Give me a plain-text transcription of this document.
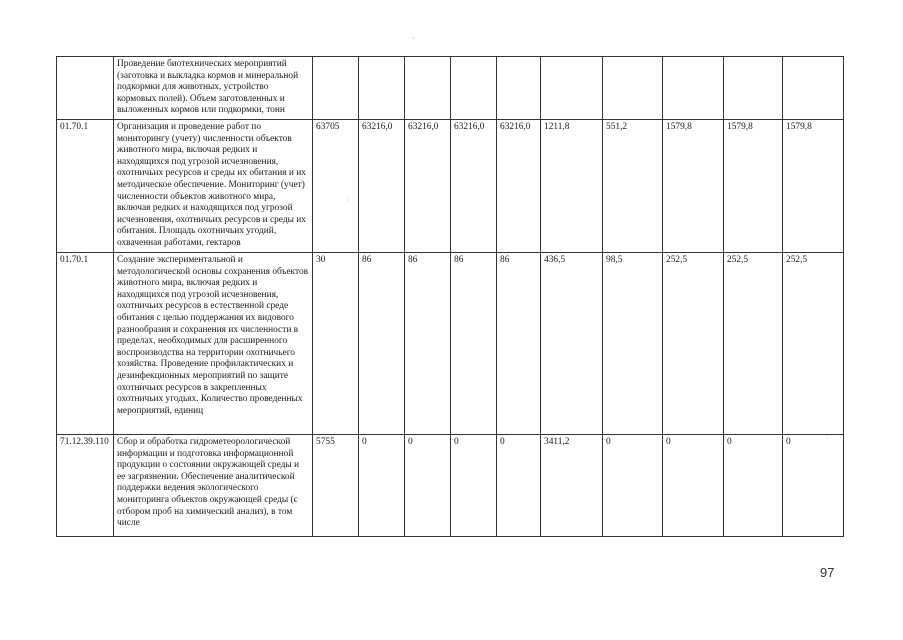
	Проведение биотехнических мероприятий (заготовка и выкладка кормов и минеральной подкормки для животных, устройство кормовых полей). Объем заготовленных и выложенных кормов или подкормки, тонн										
01.70.1	Организация и проведение работ по мониторингу (учету) численности объектов животного мира, включая редких и находящихся под угрозой исчезновения, охотничьих ресурсов и среды их обитания и их методическое обеспечение. Мониторинг (учет) численности объектов животного мира, включая редких и находящихся под угрозой исчезновения, охотничьих ресурсов и среды их обитания. Площадь охотничьих угодий, охваченная работами, гектаров	63705	63216,0	63216,0	63216,0	63216,0	1211,8	551,2	1579,8	1579,8	1579,8
01.70.1	Создание экспериментальной и методологической основы сохранения объектов животного мира, включая редких и находящихся под угрозой исчезновения, охотничьих ресурсов в естественной среде обитания с целью поддержания их видового разнообразия и сохранения их численности в пределах, необходимых для расширенного воспроизводства на территории охотничьего хозяйства. Проведение профилактических и дезинфекционных мероприятий по защите охотничьих ресурсов в закрепленных охотничьих угодьях. Количество проведенных мероприятий, единиц	30	86	86	86	86	436,5	98,5	252,5	252,5	252,5
71.12.39.110	Сбор и обработка гидрометеорологической информации и подготовка информационной продукции о состоянии окружающей среды и ее загрязнении. Обеспечение аналитической поддержки ведения экологического мониторинга объектов окружающей среды (с отбором проб на химический анализ), в том числе	5755	0	0	0	0	3411,2	0	0	0	0
·
·
·
97
